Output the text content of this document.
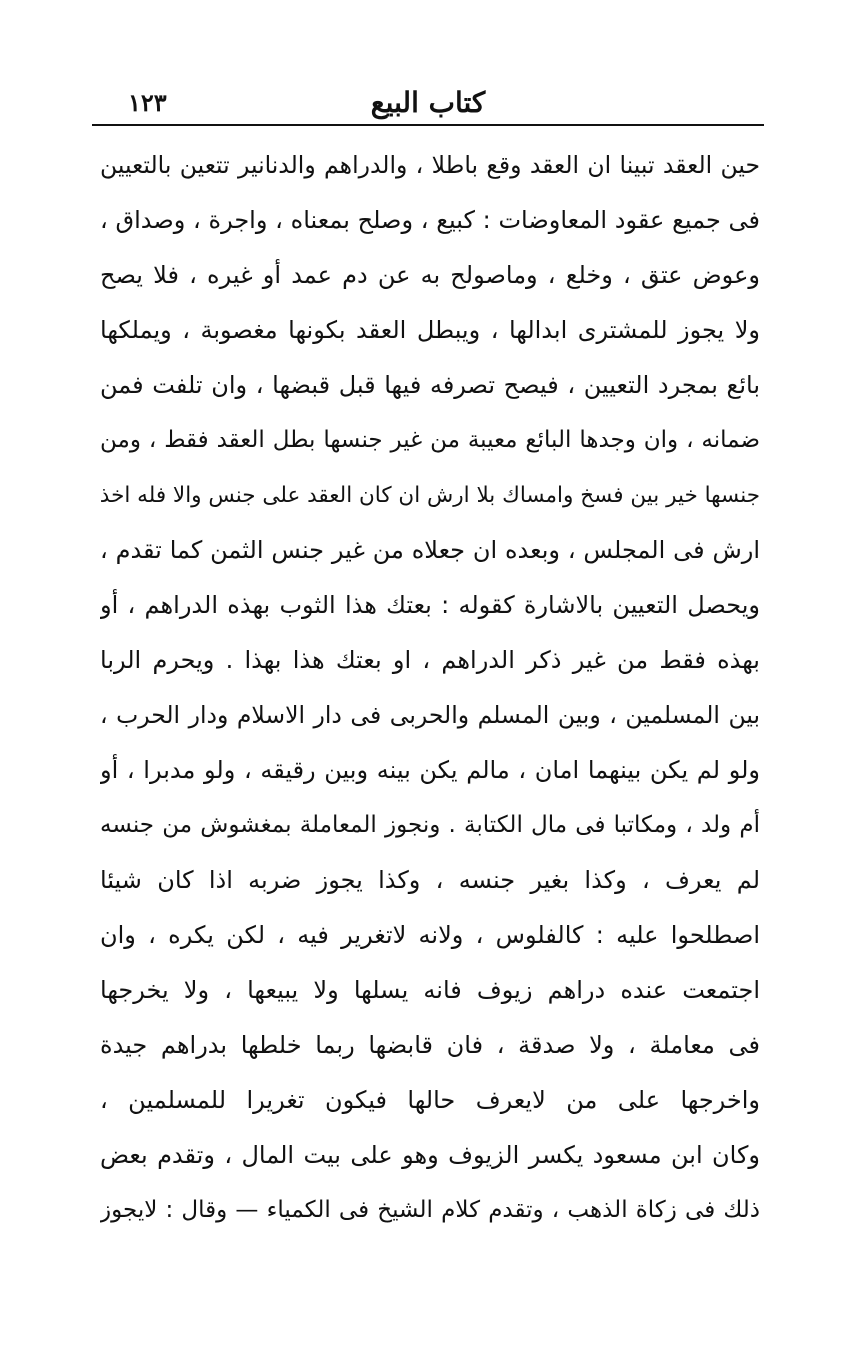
كتاب البيع
١٢٣
حين العقد تبينا ان العقد وقع باطلا ، والدراهم والدنانير تتعين بالتعيين
فى جميع عقود المعاوضات : كبيع ، وصلح بمعناه ، واجرة ، وصداق ،
وعوض عتق ، وخلع ، وماصولح به عن دم عمد أو غيره ، فلا يصح
ولا يجوز للمشترى ابدالها ، ويبطل العقد بكونها مغصوبة ، ويملكها
بائع بمجرد التعيين ، فيصح تصرفه فيها قبل قبضها ، وان تلفت فمن
ضمانه ، وان وجدها البائع معيبة من غير جنسها بطل العقد فقط ، ومن
جنسها خير بين فسخ وامساك بلا ارش ان كان العقد على جنس والا فله اخذ
ارش فى المجلس ، وبعده ان جعلاه من غير جنس الثمن كما تقدم ،
ويحصل التعيين بالاشارة كقوله : بعتك هذا الثوب بهذه الدراهم ، أو
بهذه فقط من غير ذكر الدراهم ، او بعتك هذا بهذا . ويحرم الربا
بين المسلمين ، وبين المسلم والحربى فى دار الاسلام ودار الحرب ،
ولو لم يكن بينهما امان ، مالم يكن بينه وبين رقيقه ، ولو مدبرا ، أو
أم ولد ، ومكاتبا فى مال الكتابة . ونجوز المعاملة بمغشوش من جنسه
لم يعرف ، وكذا بغير جنسه ، وكذا يجوز ضربه اذا كان شيئا
اصطلحوا عليه : كالفلوس ، ولانه لاتغرير فيه ، لكن يكره ، وان
اجتمعت عنده دراهم زيوف فانه يسلها ولا يبيعها ، ولا يخرجها
فى معاملة ، ولا صدقة ، فان قابضها ربما خلطها بدراهم جيدة
واخرجها على من لايعرف حالها فيكون تغريرا للمسلمين ،
وكان ابن مسعود يكسر الزيوف وهو على بيت المال ، وتقدم بعض
ذلك فى زكاة الذهب ، وتقدم كلام الشيخ فى الكمياء — وقال : لايجوز
